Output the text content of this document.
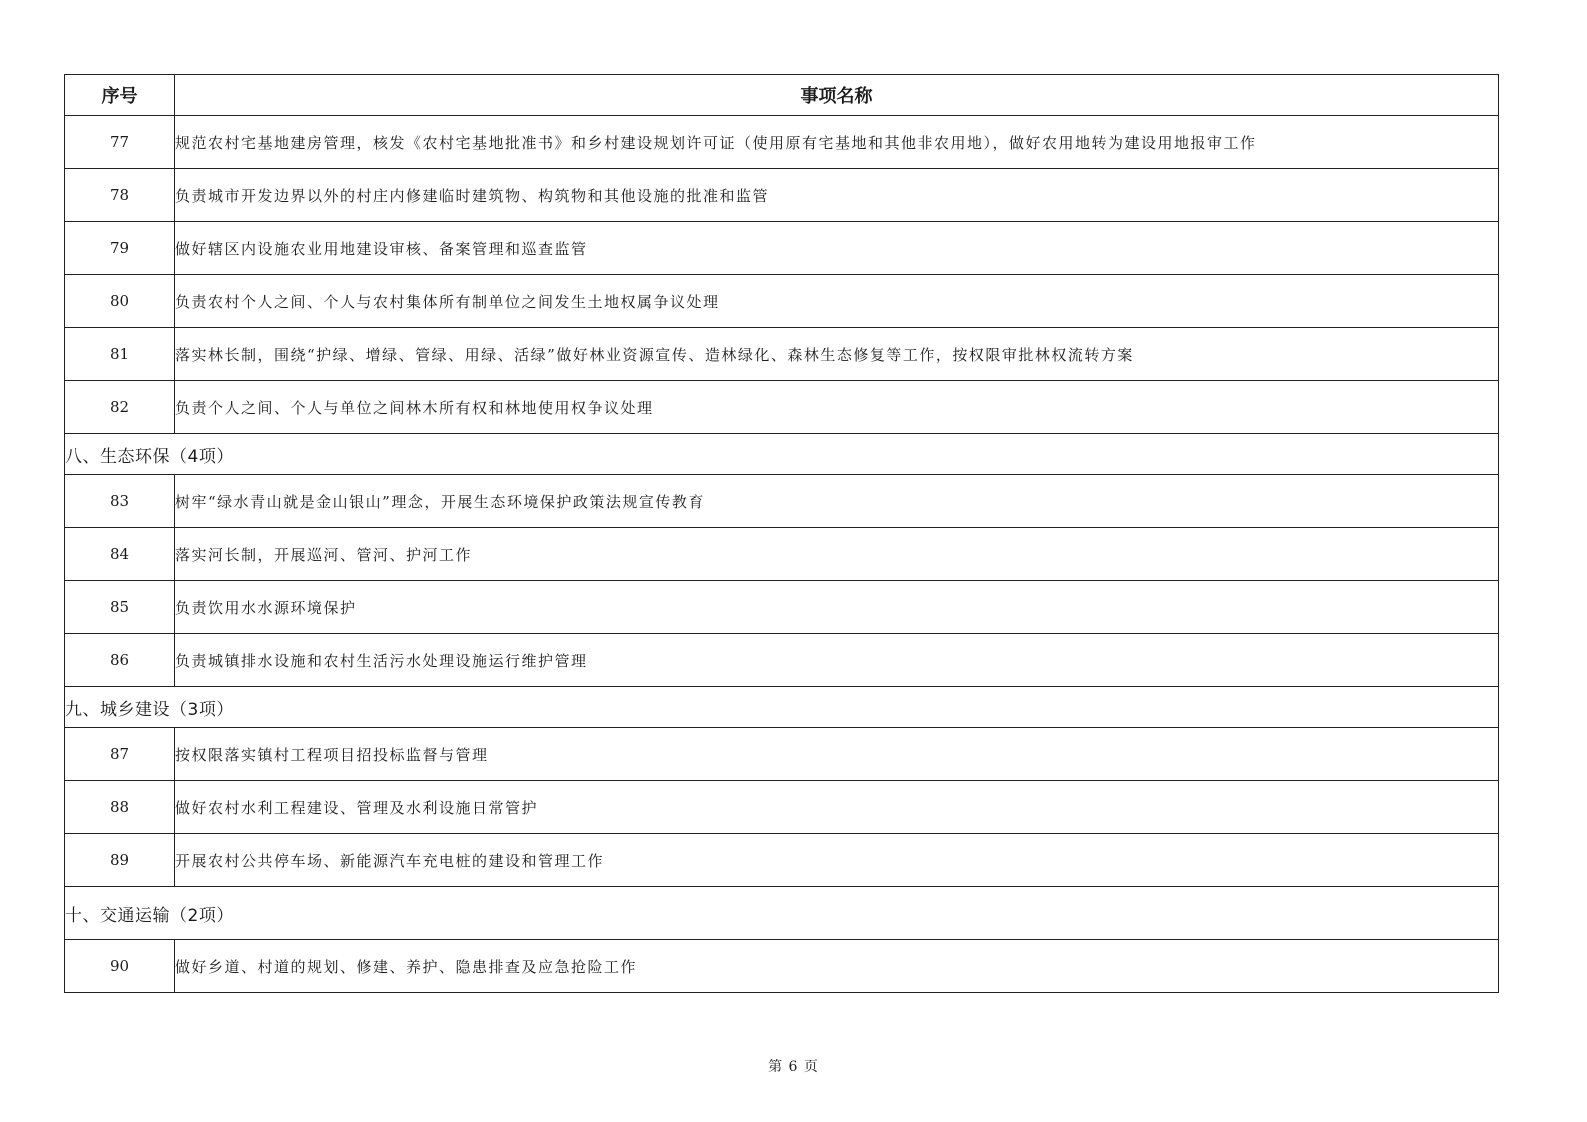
序号	事项名称
77	规范农村宅基地建房管理，核发《农村宅基地批准书》和乡村建设规划许可证（使用原有宅基地和其他非农用地），做好农用地转为建设用地报审工作
78	负责城市开发边界以外的村庄内修建临时建筑物、构筑物和其他设施的批准和监管
79	做好辖区内设施农业用地建设审核、备案管理和巡查监管
80	负责农村个人之间、个人与农村集体所有制单位之间发生土地权属争议处理
81	落实林长制，围绕“护绿、增绿、管绿、用绿、活绿”做好林业资源宣传、造林绿化、森林生态修复等工作，按权限审批林权流转方案
82	负责个人之间、个人与单位之间林木所有权和林地使用权争议处理
八、生态环保（4项）	
83	树牢“绿水青山就是金山银山”理念，开展生态环境保护政策法规宣传教育
84	落实河长制，开展巡河、管河、护河工作
85	负责饮用水水源环境保护
86	负责城镇排水设施和农村生活污水处理设施运行维护管理
九、城乡建设（3项）	
87	按权限落实镇村工程项目招投标监督与管理
88	做好农村水利工程建设、管理及水利设施日常管护
89	开展农村公共停车场、新能源汽车充电桩的建设和管理工作
十、交通运输（2项）	
90	做好乡道、村道的规划、修建、养护、隐患排查及应急抢险工作
第 6 页
